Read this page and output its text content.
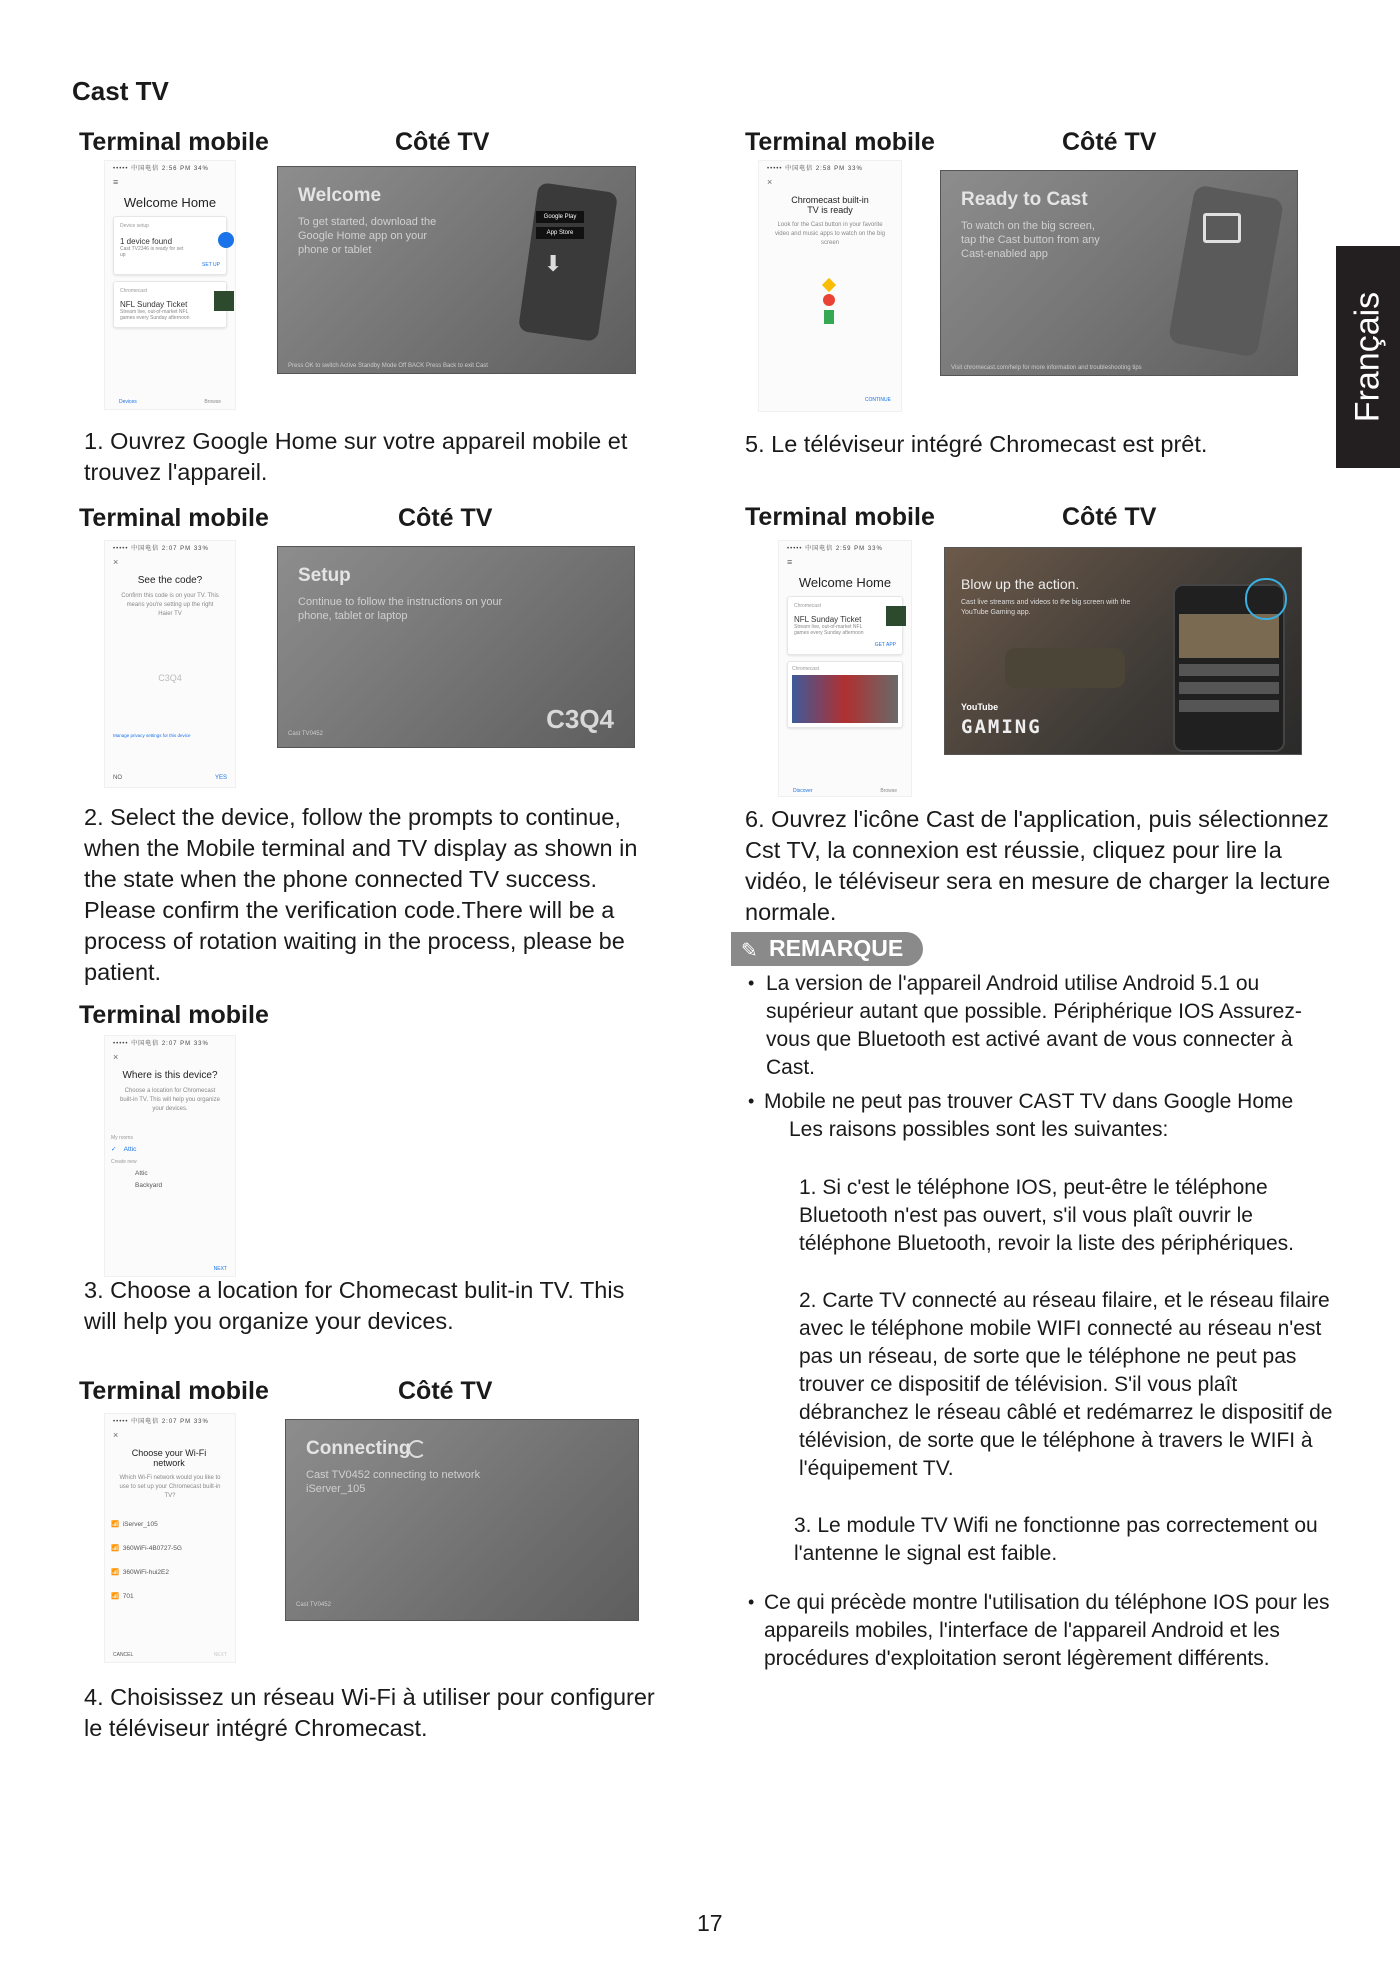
Cast TV
Français
Terminal mobile	Côté TV
••••• 中国电信 2:56 PM 34%
≡
Welcome Home
Device setup
1 device found
Cast TV2346 is ready for set up
SET UP
Chromecast
NFL Sunday Ticket
Stream live, out-of-market NFL games every Sunday afternoon
Devices	Browse
Welcome
To get started, download the Google Home app on your phone or tablet
Google Play
App Store
⬇
Press OK to switch Active Standby Mode Off BACK Press Back to exit Cast
1. Ouvrez Google Home sur votre appareil mobile et trouvez l'appareil.
Terminal mobile	Côté TV
••••• 中国电信 2:07 PM 33%
×
See the code?
Confirm this code is on your TV. This means you're setting up the right Haier TV
C3Q4
Manage privacy settings for this device
NO	YES
Setup
Continue to follow the instructions on your phone, tablet or laptop
C3Q4
Cast TV0452
2. Select the device, follow the prompts to continue, when the Mobile terminal and TV display as shown in the state when the phone connected TV success. Please confirm the verification code.There will be a process of rotation waiting in the process, please be patient.
Terminal mobile
••••• 中国电信 2:07 PM 33%
×
Where is this device?
Choose a location for Chromecast built-in TV. This will help you organize your devices.
My rooms
✓    Attic
Create new
Attic
Backyard
NEXT
3. Choose a location for Chomecast bulit-in TV. This will help you organize your devices.
Terminal mobile	Côté TV
••••• 中国电信 2:07 PM 33%
×
Choose your Wi-Fi network
Which Wi-Fi network would you like to use to set up your Chromecast built-in TV?
📶  iServer_105
📶  360WiFi-4B0727-5G
📶  360WiFi-hui2E2
📶  701
CANCEL	NEXT
Connecting
Cast TV0452 connecting to network iServer_105
Cast TV0452
4. Choisissez un réseau Wi-Fi à utiliser pour configurer le téléviseur intégré Chromecast.
Terminal mobile	Côté TV
••••• 中国电信 2:58 PM 33%
×
Chromecast built-in TV is ready
Look for the Cast button in your favorite video and music apps to watch on the big screen
CONTINUE
Ready to Cast
To watch on the big screen, tap the Cast button from any Cast-enabled app
Visit chromecast.com/help for more information and troubleshooting tips
5. Le téléviseur intégré Chromecast est prêt.
Terminal mobile	Côté TV
••••• 中国电信 2:59 PM 33%
≡
Welcome Home
Chromecast
NFL Sunday Ticket
Stream live, out-of-market NFL games every Sunday afternoon
GET APP
Chromecast
Discover	Browse
Blow up the action.
Cast live streams and videos to the big screen with the YouTube Gaming app.
YouTube
GAMING
6. Ouvrez l'icône Cast de l'application, puis sélectionnez Cst TV, la connexion est réussie, cliquez pour lire la vidéo, le téléviseur sera en mesure de charger la lecture normale.
✎ REMARQUE
• La version de l'appareil Android utilise Android 5.1 ou supérieur autant que possible. Périphérique IOS Assurez-vous que Bluetooth est activé avant de vous connecter à Cast.
• Mobile ne peut pas trouver CAST TV dans Google Home
Les raisons possibles sont les suivantes:
1. Si c'est le téléphone IOS, peut-être le téléphone Bluetooth n'est pas ouvert, s'il vous plaît ouvrir le téléphone Bluetooth, revoir la liste des périphériques.
2. Carte TV connecté au réseau filaire, et le réseau filaire avec le téléphone mobile WIFI connecté au réseau n'est pas un réseau, de sorte que le téléphone ne peut pas trouver ce dispositif de télévision. S'il vous plaît débranchez le réseau câblé et redémarrez le dispositif de télévision, de sorte que le téléphone à travers le WIFI à l'équipement TV.
3. Le module TV Wifi ne fonctionne pas correctement ou l'antenne le signal est faible.
• Ce qui précède montre l'utilisation du téléphone IOS pour les appareils mobiles, l'interface de l'appareil Android et les procédures d'exploitation seront légèrement différents.
17
